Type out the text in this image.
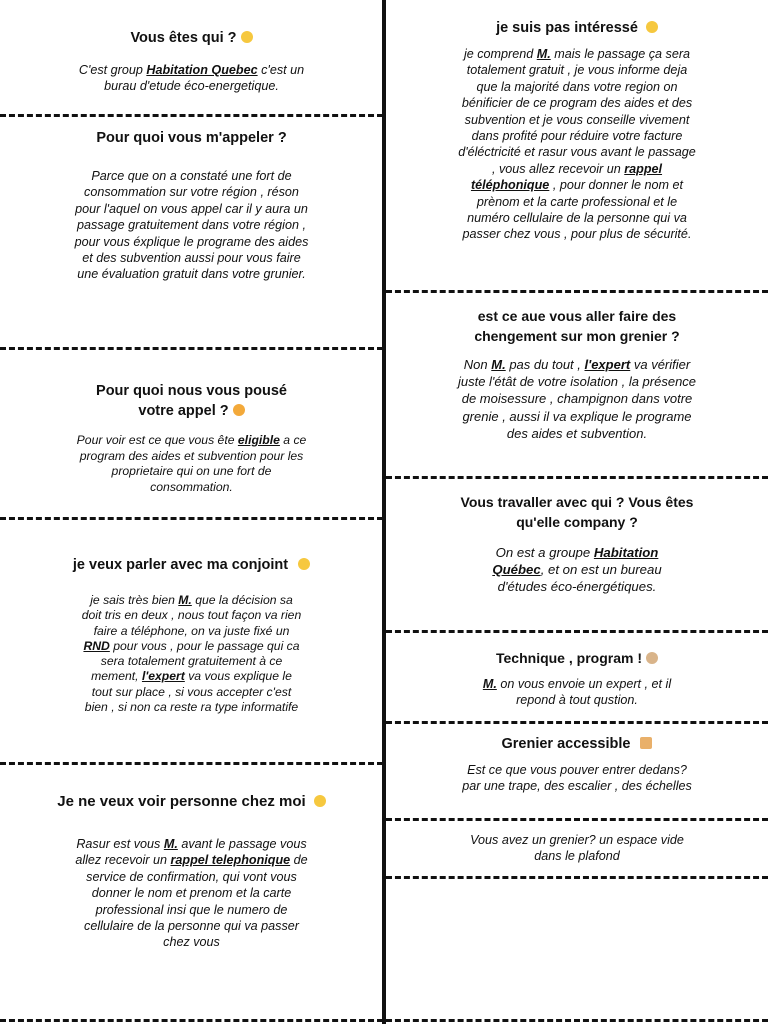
Vous êtes qui ?
C'est group Habitation Quebec c'est un burau d'etude éco-energetique.
Pour quoi vous m'appeler ?
Parce que on a constaté une fort de consommation sur votre région , réson pour l'aquel on vous appel car il y aura un passage gratuitement dans votre région , pour vous éxplique le programe des aides et des subvention aussi pour vous faire une évaluation gratuit dans votre grunier.
Pour quoi nous vous pousé votre appel ?
Pour voir est ce que vous ête eligible a ce program des aides et subvention pour les proprietaire qui on une fort de consommation.
je veux parler avec ma conjoint
je sais très bien M. que la décision sa doit tris en deux , nous tout façon va rien faire a téléphone, on va juste fixé un RND pour vous , pour le passage qui ca sera totalement gratuitement à ce mement, l'expert va vous explique le tout sur place , si vous accepter c'est bien , si non ca reste ra type informatife
Je ne veux voir personne chez moi
Rasur est vous M. avant le passage vous allez recevoir un rappel telephonique de service de confirmation, qui vont vous donner le nom et prenom et la carte professional insi que le numero de cellulaire de la personne qui va passer chez vous
je suis pas intéressé
je comprend M. mais le passage ça sera totalement gratuit , je vous informe deja que la majorité dans votre region on bénificier de ce program des aides et des subvention et je vous conseille vivement dans profité pour réduire votre facture d'éléctricité et rasur vous avant le passage , vous allez recevoir un rappel téléphonique , pour donner le nom et prènom et la carte professional et le numéro cellulaire de la personne qui va passer chez vous , pour plus de sécurité.
est ce aue vous aller faire des chengement sur mon grenier ?
Non M. pas du tout , l'expert va vérifier juste l'étât de votre isolation , la présence de moisessure , champignon dans votre grenie , aussi il va explique le programe des aides et subvention.
Vous travaller avec qui ? Vous êtes qu'elle company ?
On est a groupe Habitation Québec, et on est un bureau d'études éco-énergétiques.
Technique , program !
M. on vous envoie un expert , et il repond à tout qustion.
Grenier accessible
Est ce que vous pouver entrer dedans? par une trape, des escalier , des échelles
Vous avez un grenier? un espace vide dans le plafond
